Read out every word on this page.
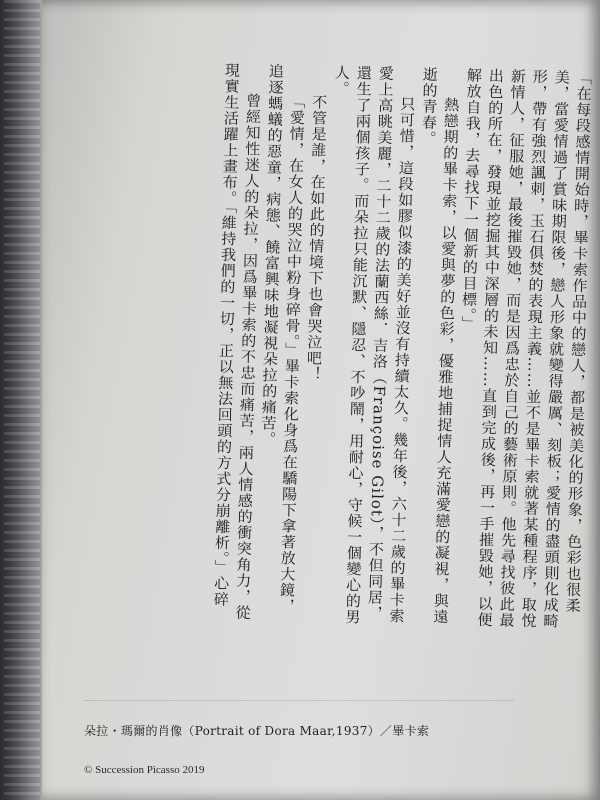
「在每段感情開始時，畢卡索作品中的戀人，都是被美化的形象，色彩也很柔美，當愛情過了賞味期限後，戀人形象就變得嚴厲、刻板；愛情的盡頭則化成畸形，帶有強烈諷刺，玉石俱焚的表現主義……並不是畢卡索就著某種程序，取悅新情人，征服她，最後摧毀她，而是因爲忠於自己的藝術原則。他先尋找彼此最出色的所在，發現並挖掘其中深層的未知……直到完成後，再一手摧毀她，以便解放自我，去尋找下一個新的目標。」

熱戀期的畢卡索，以愛與夢的色彩，優雅地捕捉情人充滿愛戀的凝視，與遠逝的青春。

只可惜，這段如膠似漆的美好並沒有持續太久。幾年後，六十二歲的畢卡索愛上高眺美麗，二十二歲的法蘭西絲．吉洛（Françoise Gilot），不但同居，還生了兩個孩子。而朵拉只能沉默、隱忍、不吵鬧，用耐心，守候一個變心的男人。

不管是誰，在如此的情境下也會哭泣吧！

「愛情，在女人的哭泣中粉身碎骨。」畢卡索化身爲在驕陽下拿著放大鏡，追逐螞蟻的惡童，病態、饒富興味地凝視朵拉的痛苦。

曾經知性迷人的朵拉，因爲畢卡索的不忠而痛苦，兩人情感的衝突角力，從現實生活躍上畫布。「維持我們的一切，正以無法回頭的方式分崩離析。」心碎

朵拉・瑪爾的肖像（Portrait of Dora Maar,1937）／畢卡索
© Succession Picasso 2019
